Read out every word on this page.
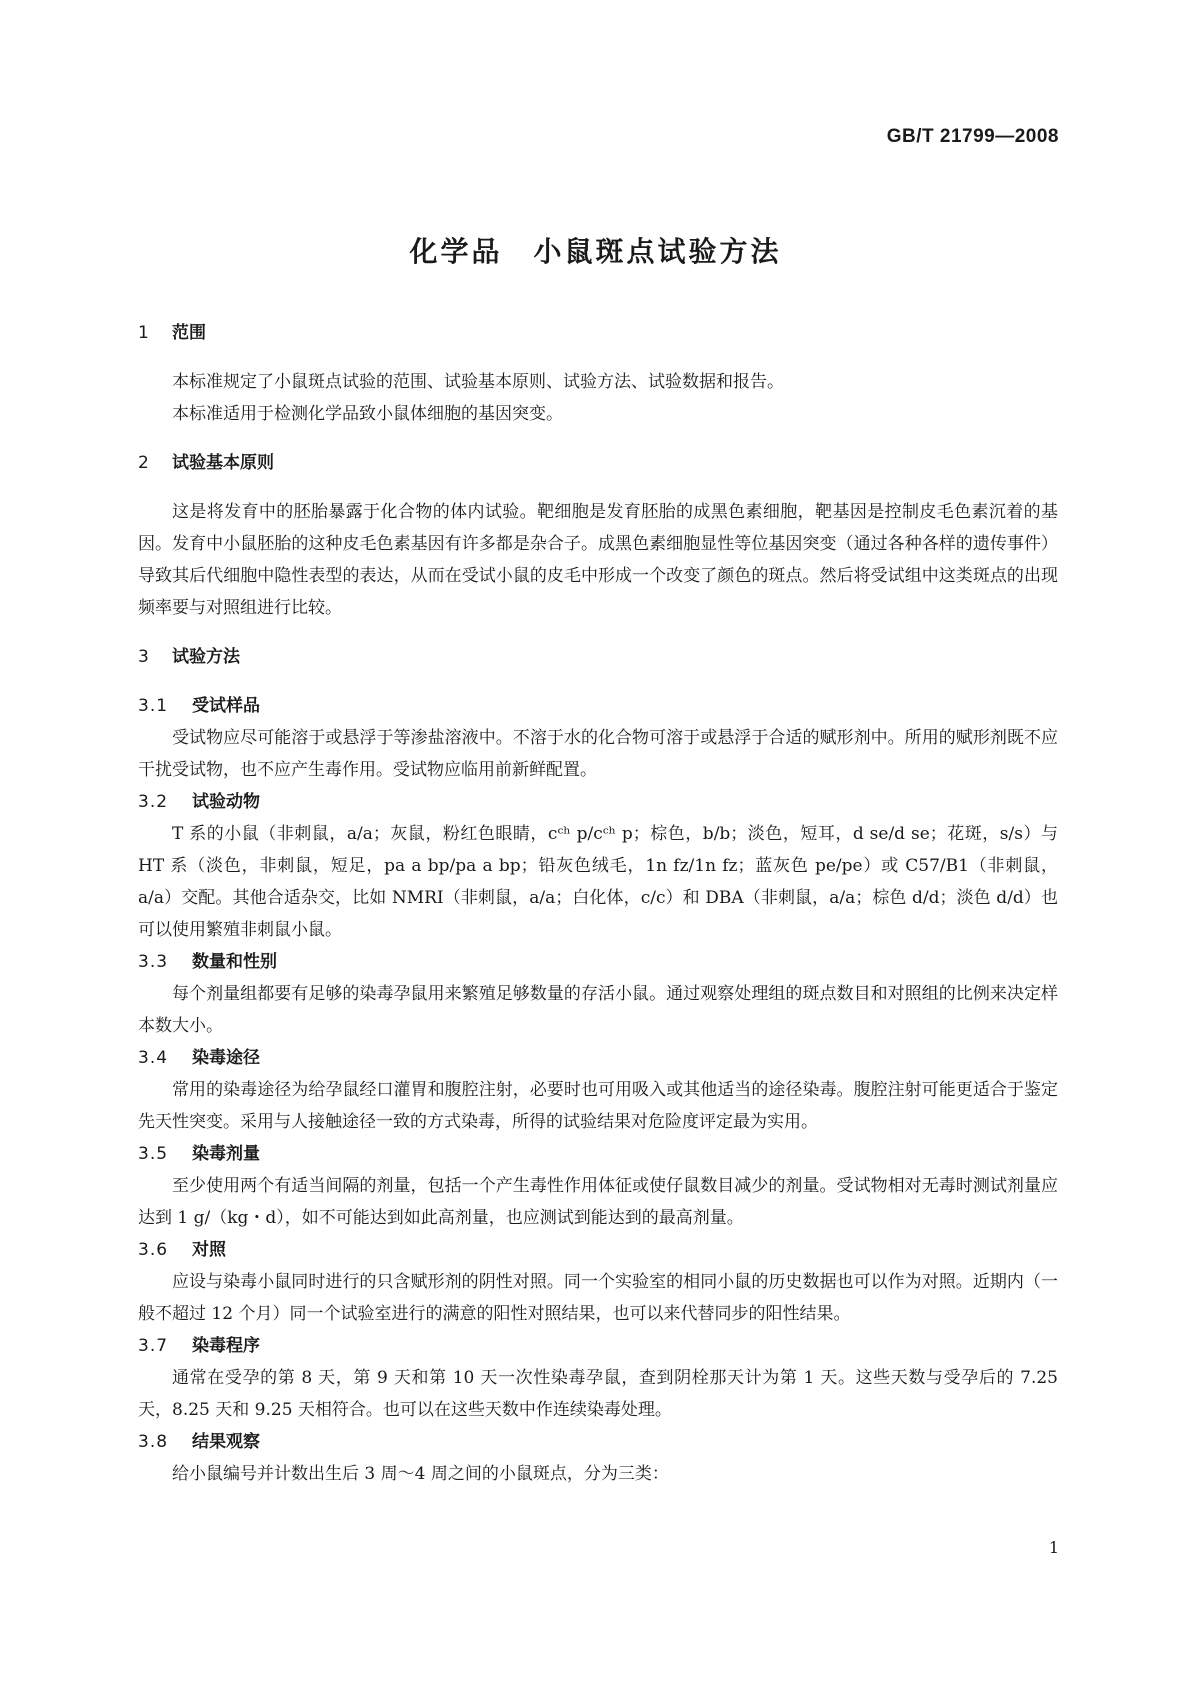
GB/T 21799—2008
化学品　小鼠斑点试验方法
1 范围

本标准规定了小鼠斑点试验的范围、试验基本原则、试验方法、试验数据和报告。

本标准适用于检测化学品致小鼠体细胞的基因突变。

2 试验基本原则

这是将发育中的胚胎暴露于化合物的体内试验。靶细胞是发育胚胎的成黑色素细胞，靶基因是控制皮毛色素沉着的基因。发育中小鼠胚胎的这种皮毛色素基因有许多都是杂合子。成黑色素细胞显性等位基因突变（通过各种各样的遗传事件）导致其后代细胞中隐性表型的表达，从而在受试小鼠的皮毛中形成一个改变了颜色的斑点。然后将受试组中这类斑点的出现频率要与对照组进行比较。

3 试验方法
3.1 受试样品

受试物应尽可能溶于或悬浮于等渗盐溶液中。不溶于水的化合物可溶于或悬浮于合适的赋形剂中。所用的赋形剂既不应干扰受试物，也不应产生毒作用。受试物应临用前新鲜配置。

3.2 试验动物

T 系的小鼠（非刺鼠，a/a；灰鼠，粉红色眼睛，cᶜʰ p/cᶜʰ p；棕色，b/b；淡色，短耳，d se/d se；花斑，s/s）与 HT 系（淡色，非刺鼠，短足，pa a bp/pa a bp；铅灰色绒毛，1n fz/1n fz；蓝灰色 pe/pe）或 C57/B1（非刺鼠，a/a）交配。其他合适杂交，比如 NMRI（非刺鼠，a/a；白化体，c/c）和 DBA（非刺鼠，a/a；棕色 d/d；淡色 d/d）也可以使用繁殖非刺鼠小鼠。

3.3 数量和性别

每个剂量组都要有足够的染毒孕鼠用来繁殖足够数量的存活小鼠。通过观察处理组的斑点数目和对照组的比例来决定样本数大小。

3.4 染毒途径

常用的染毒途径为给孕鼠经口灌胃和腹腔注射，必要时也可用吸入或其他适当的途径染毒。腹腔注射可能更适合于鉴定先天性突变。采用与人接触途径一致的方式染毒，所得的试验结果对危险度评定最为实用。

3.5 染毒剂量

至少使用两个有适当间隔的剂量，包括一个产生毒性作用体征或使仔鼠数目减少的剂量。受试物相对无毒时测试剂量应达到 1 g/（kg・d），如不可能达到如此高剂量，也应测试到能达到的最高剂量。

3.6 对照

应设与染毒小鼠同时进行的只含赋形剂的阴性对照。同一个实验室的相同小鼠的历史数据也可以作为对照。近期内（一般不超过 12 个月）同一个试验室进行的满意的阳性对照结果，也可以来代替同步的阳性结果。

3.7 染毒程序

通常在受孕的第 8 天，第 9 天和第 10 天一次性染毒孕鼠，查到阴栓那天计为第 1 天。这些天数与受孕后的 7.25 天，8.25 天和 9.25 天相符合。也可以在这些天数中作连续染毒处理。

3.8 结果观察

给小鼠编号并计数出生后 3 周～4 周之间的小鼠斑点，分为三类：

1
